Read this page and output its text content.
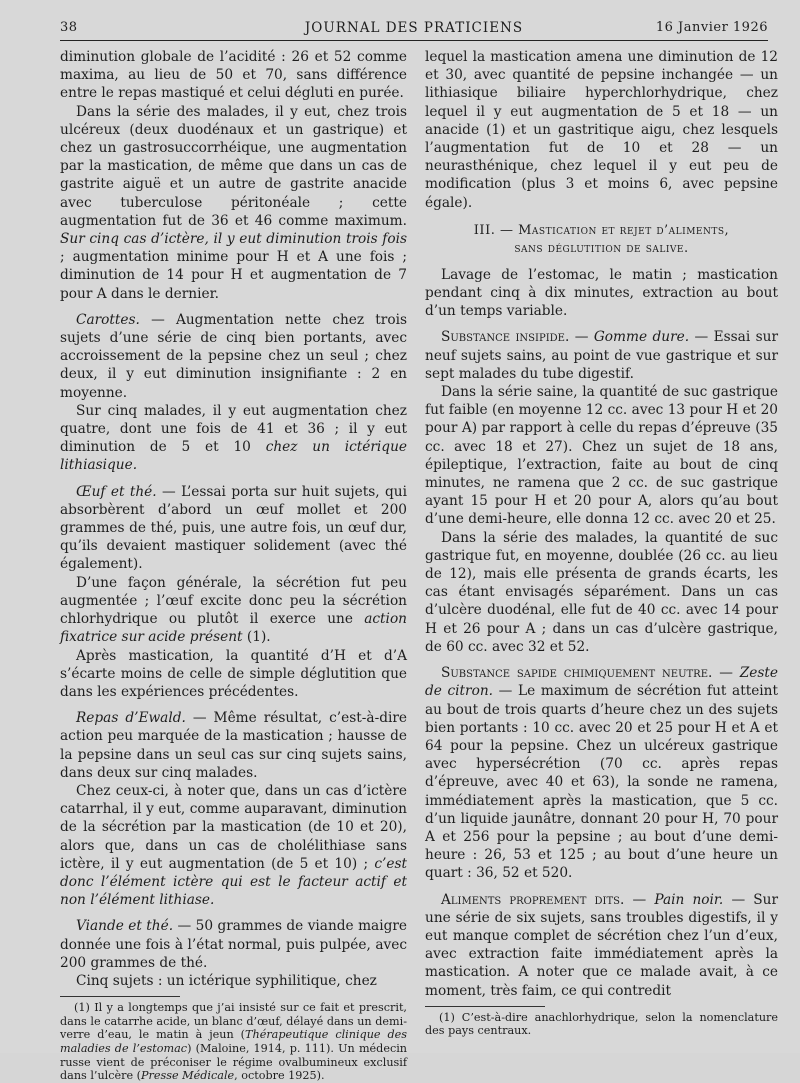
38	JOURNAL DES PRATICIENS	16 Janvier 1926

diminution globale de l’acidité : 26 et 52 comme maxima, au lieu de 50 et 70, sans différence entre le repas mastiqué et celui dégluti en purée.

Dans la série des malades, il y eut, chez trois ulcéreux (deux duodénaux et un gastrique) et chez un gastrosuccorrhéique, une augmentation par la mastication, de même que dans un cas de gastrite aiguë et un autre de gastrite anacide avec tuberculose péritonéale ; cette augmentation fut de 36 et 46 comme maximum. Sur cinq cas d’ictère, il y eut diminution trois fois ; augmentation minime pour H et A une fois ; diminution de 14 pour H et augmentation de 7 pour A dans le dernier.

Carottes. — Augmentation nette chez trois sujets d’une série de cinq bien portants, avec accroissement de la pepsine chez un seul ; chez deux, il y eut diminution insignifiante : 2 en moyenne.

Sur cinq malades, il y eut augmentation chez quatre, dont une fois de 41 et 36 ; il y eut diminution de 5 et 10 chez un ictérique lithiasique.

Œuf et thé. — L’essai porta sur huit sujets, qui absorbèrent d’abord un œuf mollet et 200 grammes de thé, puis, une autre fois, un œuf dur, qu’ils devaient mastiquer solidement (avec thé également).

D’une façon générale, la sécrétion fut peu augmentée ; l’œuf excite donc peu la sécrétion chlorhydrique ou plutôt il exerce une action fixatrice sur acide présent (1).

Après mastication, la quantité d’H et d’A s’écarte moins de celle de simple déglutition que dans les expériences précédentes.

Repas d’Ewald. — Même résultat, c’est-à-dire action peu marquée de la mastication ; hausse de la pepsine dans un seul cas sur cinq sujets sains, dans deux sur cinq malades.

Chez ceux-ci, à noter que, dans un cas d’ictère catarrhal, il y eut, comme auparavant, diminution de la sécrétion par la mastication (de 10 et 20), alors que, dans un cas de cholélithiase sans ictère, il y eut augmentation (de 5 et 10) ; c’est donc l’élément ictère qui est le facteur actif et non l’élément lithiase.

Viande et thé. — 50 grammes de viande maigre donnée une fois à l’état normal, puis pulpée, avec 200 grammes de thé.

Cinq sujets : un ictérique syphilitique, chez

(1) Il y a longtemps que j’ai insisté sur ce fait et prescrit, dans le catarrhe acide, un blanc d’œuf, délayé dans un demi-verre d’eau, le matin à jeun (Thérapeutique clinique des maladies de l’estomac) (Maloine, 1914, p. 111). Un médecin russe vient de préconiser le régime ovalbumineux exclusif dans l’ulcère (Presse Médicale, octobre 1925).

lequel la mastication amena une diminution de 12 et 30, avec quantité de pepsine inchangée — un lithiasique biliaire hyperchlorhydrique, chez lequel il y eut augmentation de 5 et 18 — un anacide (1) et un gastritique aigu, chez lesquels l’augmentation fut de 10 et 28 — un neurasthénique, chez lequel il y eut peu de modification (plus 3 et moins 6, avec pepsine égale).

III. — Mastication et rejet d’aliments,
sans déglutition de salive.

Lavage de l’estomac, le matin ; mastication pendant cinq à dix minutes, extraction au bout d’un temps variable.

Substance insipide. — Gomme dure. — Essai sur neuf sujets sains, au point de vue gastrique et sur sept malades du tube digestif.

Dans la série saine, la quantité de suc gastrique fut faible (en moyenne 12 cc. avec 13 pour H et 20 pour A) par rapport à celle du repas d’épreuve (35 cc. avec 18 et 27). Chez un sujet de 18 ans, épileptique, l’extraction, faite au bout de cinq minutes, ne ramena que 2 cc. de suc gastrique ayant 15 pour H et 20 pour A, alors qu’au bout d’une demi-heure, elle donna 12 cc. avec 20 et 25.

Dans la série des malades, la quantité de suc gastrique fut, en moyenne, doublée (26 cc. au lieu de 12), mais elle présenta de grands écarts, les cas étant envisagés séparément. Dans un cas d’ulcère duodénal, elle fut de 40 cc. avec 14 pour H et 26 pour A ; dans un cas d’ulcère gastrique, de 60 cc. avec 32 et 52.

Substance sapide chimiquement neutre. — Zeste de citron. — Le maximum de sécrétion fut atteint au bout de trois quarts d’heure chez un des sujets bien portants : 10 cc. avec 20 et 25 pour H et A et 64 pour la pepsine. Chez un ulcéreux gastrique avec hypersécrétion (70 cc. après repas d’épreuve, avec 40 et 63), la sonde ne ramena, immédiatement après la mastication, que 5 cc. d’un liquide jaunâtre, donnant 20 pour H, 70 pour A et 256 pour la pepsine ; au bout d’une demi-heure : 26, 53 et 125 ; au bout d’une heure un quart : 36, 52 et 520.

Aliments proprement dits. — Pain noir. — Sur une série de six sujets, sans troubles digestifs, il y eut manque complet de sécrétion chez l’un d’eux, avec extraction faite immédiatement après la mastication. A noter que ce malade avait, à ce moment, très faim, ce qui contredit

(1) C’est-à-dire anachlorhydrique, selon la nomenclature des pays centraux.
